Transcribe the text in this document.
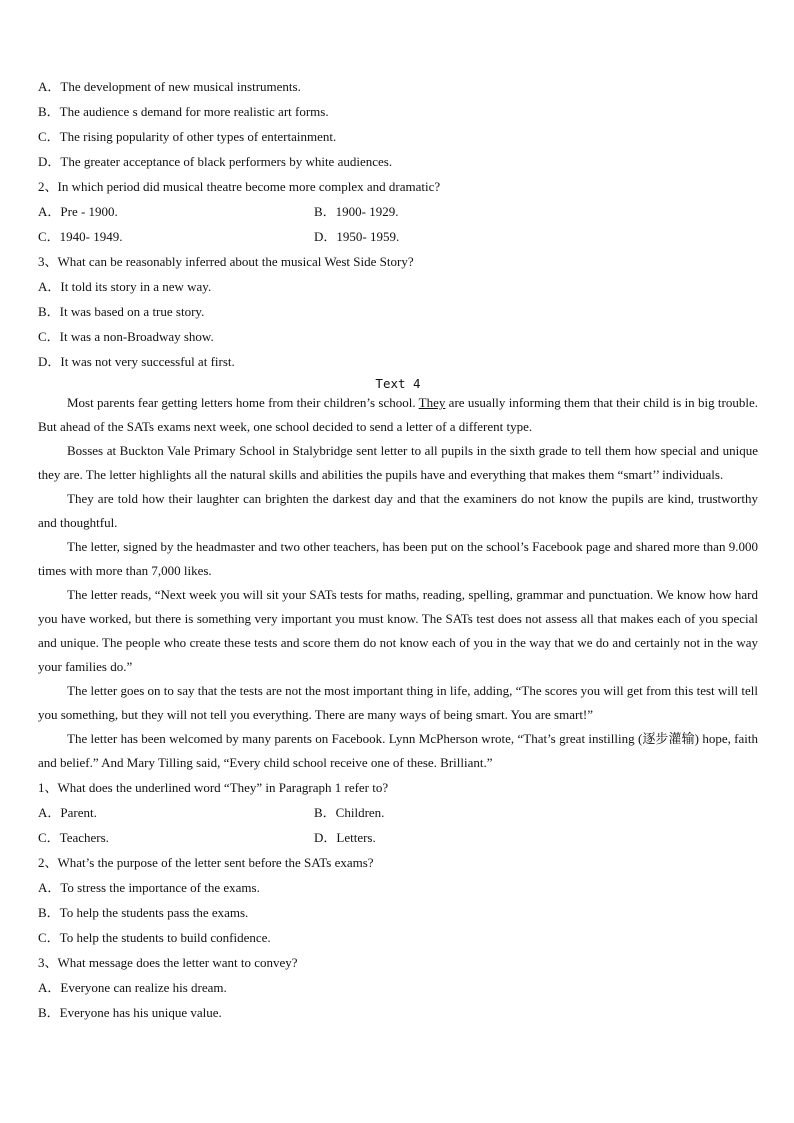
A．The development of new musical instruments.
B．The audience s demand for more realistic art forms.
C．The rising popularity of other types of entertainment.
D．The greater acceptance of black performers by white audiences.
2、In which period did musical theatre become more complex and dramatic?
A．Pre - 1900.	B．1900- 1929.
C．1940- 1949.	D．1950- 1959.
3、What can be reasonably inferred about the musical West Side Story?
A．It told its story in a new way.
B．It was based on a true story.
C．It was a non-Broadway show.
D．It was not very successful at first.
Text 4
Most parents fear getting letters home from their children’s school. They are usually informing them that their child is in big trouble. But ahead of the SATs exams next week, one school decided to send a letter of a different type.
Bosses at Buckton Vale Primary School in Stalybridge sent letter to all pupils in the sixth grade to tell them how special and unique they are. The letter highlights all the natural skills and abilities the pupils have and everything that makes them “smart’’ individuals.
They are told how their laughter can brighten the darkest day and that the examiners do not know the pupils are kind, trustworthy and thoughtful.
The letter, signed by the headmaster and two other teachers, has been put on the school’s Facebook page and shared more than 9.000 times with more than 7,000 likes.
The letter reads, “Next week you will sit your SATs tests for maths, reading, spelling, grammar and punctuation. We know how hard you have worked, but there is something very important you must know. The SATs test does not assess all that makes each of you special and unique. The people who create these tests and score them do not know each of you in the way that we do and certainly not in the way your families do.”
The letter goes on to say that the tests are not the most important thing in life, adding, “The scores you will get from this test will tell you something, but they will not tell you everything. There are many ways of being smart. You are smart!”
The letter has been welcomed by many parents on Facebook. Lynn McPherson wrote, “That’s great instilling (逐步灌输) hope, faith and belief.” And Mary Tilling said, “Every child school receive one of these. Brilliant.”
1、What does the underlined word “They” in Paragraph 1 refer to?
A．Parent.	B．Children.
C．Teachers.	D．Letters.
2、What’s the purpose of the letter sent before the SATs exams?
A．To stress the importance of the exams.
B．To help the students pass the exams.
C．To help the students to build confidence.
3、What message does the letter want to convey?
A．Everyone can realize his dream.
B．Everyone has his unique value.
